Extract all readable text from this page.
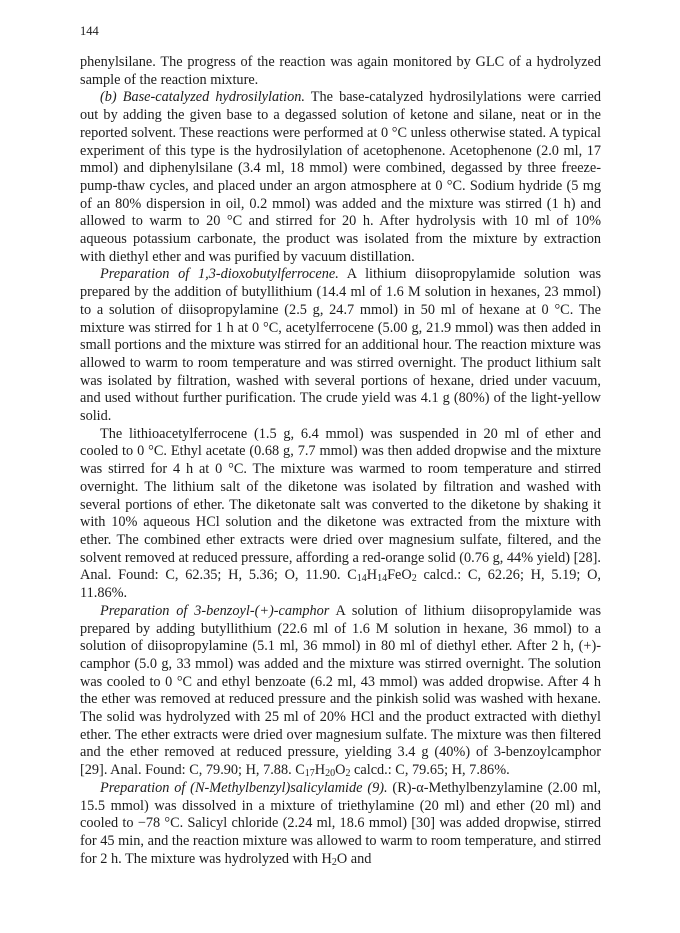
144

phenylsilane. The progress of the reaction was again monitored by GLC of a hydrolyzed sample of the reaction mixture.

(b) Base-catalyzed hydrosilylation. The base-catalyzed hydrosilylations were carried out by adding the given base to a degassed solution of ketone and silane, neat or in the reported solvent. These reactions were performed at 0 °C unless otherwise stated. A typical experiment of this type is the hydrosilylation of acetophenone. Acetophenone (2.0 ml, 17 mmol) and diphenylsilane (3.4 ml, 18 mmol) were combined, degassed by three freeze-pump-thaw cycles, and placed under an argon atmosphere at 0 °C. Sodium hydride (5 mg of an 80% dispersion in oil, 0.2 mmol) was added and the mixture was stirred (1 h) and allowed to warm to 20 °C and stirred for 20 h. After hydrolysis with 10 ml of 10% aqueous potassium carbonate, the product was isolated from the mixture by extraction with diethyl ether and was purified by vacuum distillation.

Preparation of 1,3-dioxobutylferrocene. A lithium diisopropylamide solution was prepared by the addition of butyllithium (14.4 ml of 1.6 M solution in hexanes, 23 mmol) to a solution of diisopropylamine (2.5 g, 24.7 mmol) in 50 ml of hexane at 0 °C. The mixture was stirred for 1 h at 0 °C, acetylferrocene (5.00 g, 21.9 mmol) was then added in small portions and the mixture was stirred for an additional hour. The reaction mixture was allowed to warm to room temperature and was stirred overnight. The product lithium salt was isolated by filtration, washed with several portions of hexane, dried under vacuum, and used without further purification. The crude yield was 4.1 g (80%) of the light-yellow solid.

The lithioacetylferrocene (1.5 g, 6.4 mmol) was suspended in 20 ml of ether and cooled to 0 °C. Ethyl acetate (0.68 g, 7.7 mmol) was then added dropwise and the mixture was stirred for 4 h at 0 °C. The mixture was warmed to room temperature and stirred overnight. The lithium salt of the diketone was isolated by filtration and washed with several portions of ether. The diketonate salt was converted to the diketone by shaking it with 10% aqueous HCl solution and the diketone was extracted from the mixture with ether. The combined ether extracts were dried over magnesium sulfate, filtered, and the solvent removed at reduced pressure, affording a red-orange solid (0.76 g, 44% yield) [28]. Anal. Found: C, 62.35; H, 5.36; O, 11.90. $C_{14}H_{14}FeO_2$ calcd.: C, 62.26; H, 5.19; O, 11.86%.

Preparation of 3-benzoyl-(+)-camphor A solution of lithium diisopropylamide was prepared by adding butyllithium (22.6 ml of 1.6 M solution in hexane, 36 mmol) to a solution of diisopropylamine (5.1 ml, 36 mmol) in 80 ml of diethyl ether. After 2 h, (+)-camphor (5.0 g, 33 mmol) was added and the mixture was stirred overnight. The solution was cooled to 0 °C and ethyl benzoate (6.2 ml, 43 mmol) was added dropwise. After 4 h the ether was removed at reduced pressure and the pinkish solid was washed with hexane. The solid was hydrolyzed with 25 ml of 20% HCl and the product extracted with diethyl ether. The ether extracts were dried over magnesium sulfate. The mixture was then filtered and the ether removed at reduced pressure, yielding 3.4 g (40%) of 3-benzoylcamphor [29]. Anal. Found: C, 79.90; H, 7.88. $C_{17}H_{20}O_2$ calcd.: C, 79.65; H, 7.86%.

Preparation of (N-Methylbenzyl)salicylamide (9). (R)-α-Methylbenzylamine (2.00 ml, 15.5 mmol) was dissolved in a mixture of triethylamine (20 ml) and ether (20 ml) and cooled to −78 °C. Salicyl chloride (2.24 ml, 18.6 mmol) [30] was added dropwise, stirred for 45 min, and the reaction mixture was allowed to warm to room temperature, and stirred for 2 h. The mixture was hydrolyzed with $H_2O$ and
